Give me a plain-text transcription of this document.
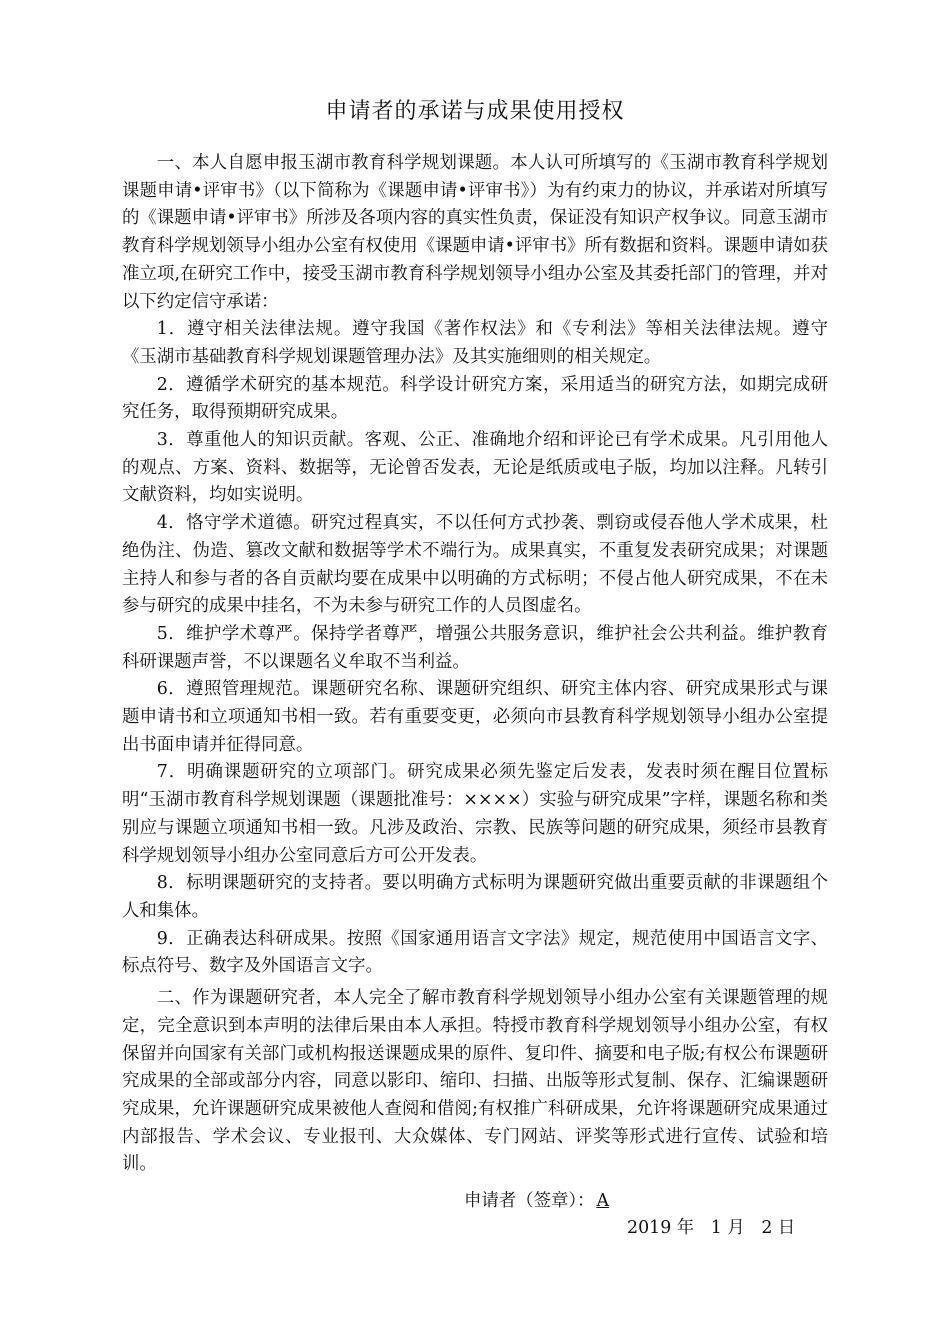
申请者的承诺与成果使用授权

一、本人自愿申报玉湖市教育科学规划课题。本人认可所填写的《玉湖市教育科学规划课题申请•评审书》（以下简称为《课题申请•评审书》）为有约束力的协议，并承诺对所填写的《课题申请•评审书》所涉及各项内容的真实性负责，保证没有知识产权争议。同意玉湖市教育科学规划领导小组办公室有权使用《课题申请•评审书》所有数据和资料。课题申请如获准立项,在研究工作中，接受玉湖市教育科学规划领导小组办公室及其委托部门的管理，并对以下约定信守承诺：

1．遵守相关法律法规。遵守我国《著作权法》和《专利法》等相关法律法规。遵守《玉湖市基础教育科学规划课题管理办法》及其实施细则的相关规定。

2．遵循学术研究的基本规范。科学设计研究方案，采用适当的研究方法，如期完成研究任务，取得预期研究成果。

3．尊重他人的知识贡献。客观、公正、准确地介绍和评论已有学术成果。凡引用他人的观点、方案、资料、数据等，无论曾否发表，无论是纸质或电子版，均加以注释。凡转引文献资料，均如实说明。

4．恪守学术道德。研究过程真实，不以任何方式抄袭、剽窃或侵吞他人学术成果，杜绝伪注、伪造、篡改文献和数据等学术不端行为。成果真实，不重复发表研究成果；对课题主持人和参与者的各自贡献均要在成果中以明确的方式标明；不侵占他人研究成果，不在未参与研究的成果中挂名，不为未参与研究工作的人员图虚名。

5．维护学术尊严。保持学者尊严，增强公共服务意识，维护社会公共利益。维护教育科研课题声誉，不以课题名义牟取不当利益。

6．遵照管理规范。课题研究名称、课题研究组织、研究主体内容、研究成果形式与课题申请书和立项通知书相一致。若有重要变更，必须向市县教育科学规划领导小组办公室提出书面申请并征得同意。

7．明确课题研究的立项部门。研究成果必须先鉴定后发表，发表时须在醒目位置标明“玉湖市教育科学规划课题（课题批准号：××××）实验与研究成果”字样，课题名称和类别应与课题立项通知书相一致。凡涉及政治、宗教、民族等问题的研究成果，须经市县教育科学规划领导小组办公室同意后方可公开发表。

8．标明课题研究的支持者。要以明确方式标明为课题研究做出重要贡献的非课题组个人和集体。

9．正确表达科研成果。按照《国家通用语言文字法》规定，规范使用中国语言文字、标点符号、数字及外国语言文字。

二、作为课题研究者，本人完全了解市教育科学规划领导小组办公室有关课题管理的规定，完全意识到本声明的法律后果由本人承担。特授市教育科学规划领导小组办公室，有权保留并向国家有关部门或机构报送课题成果的原件、复印件、摘要和电子版;有权公布课题研究成果的全部或部分内容，同意以影印、缩印、扫描、出版等形式复制、保存、汇编课题研究成果，允许课题研究成果被他人查阅和借阅;有权推广科研成果，允许将课题研究成果通过内部报告、学术会议、专业报刊、大众媒体、专门网站、评奖等形式进行宣传、试验和培训。

申请者（签章）： A
2019 年   1 月   2 日
